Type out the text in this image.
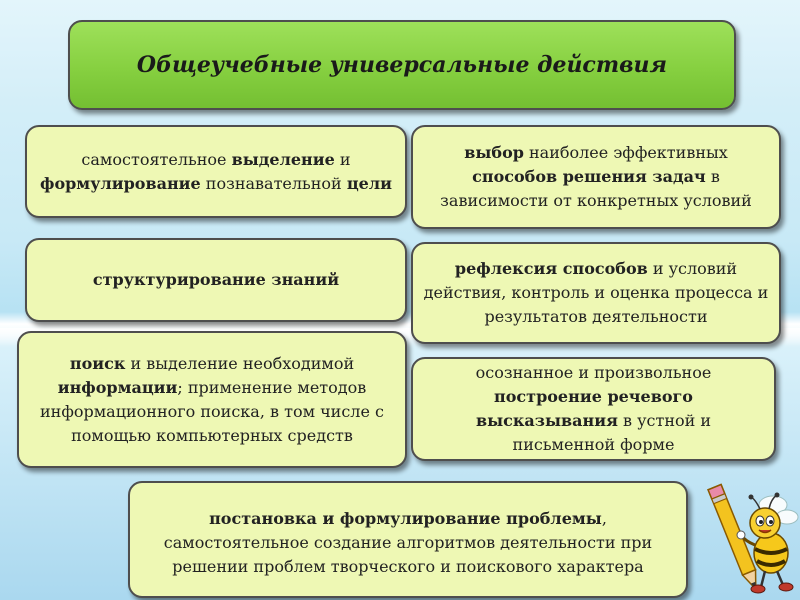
Общеучебные универсальные действия
самостоятельное выделение и формулирование познавательной цели
выбор наиболее эффективных способов решения задач в зависимости от конкретных условий
структурирование знаний
рефлексия способов и условий действия, контроль и оценка процесса и результатов деятельности
поиск и выделение необходимой информации; применение методов информационного поиска, в том числе с помощью компьютерных средств
осознанное и произвольное построение речевого высказывания в устной и письменной форме
постановка и формулирование проблемы, самостоятельное создание алгоритмов деятельности при решении проблем творческого и поискового характера
